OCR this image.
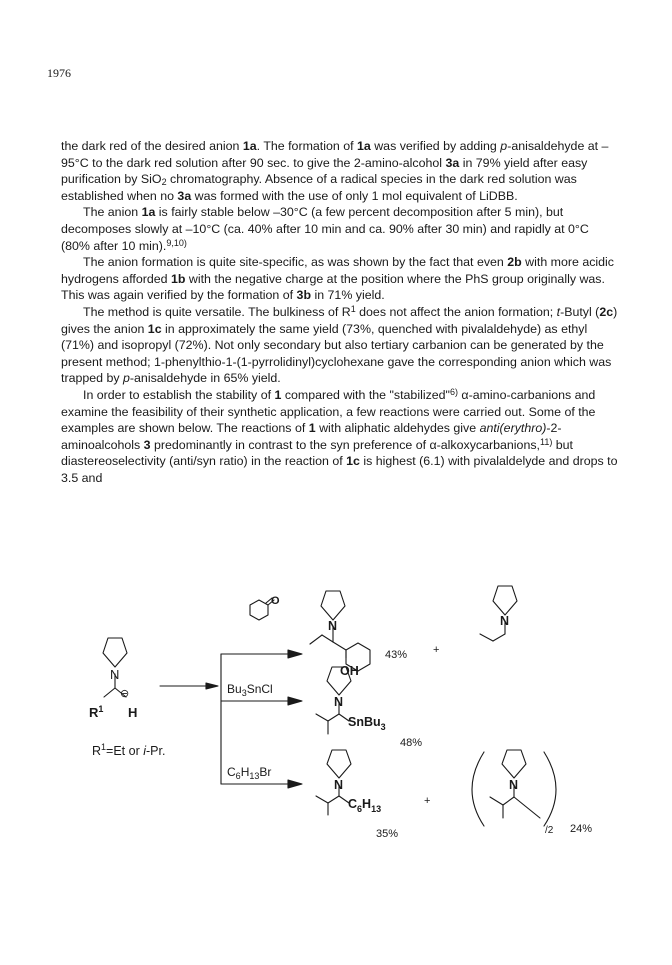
1976

the dark red of the desired anion 1a. The formation of 1a was verified by adding p-anisaldehyde at –95°C to the dark red solution after 90 sec. to give the 2-amino-alcohol 3a in 79% yield after easy purification by SiO$_2$ chromatography. Absence of a radical species in the dark red solution was established when no 3a was formed with the use of only 1 mol equivalent of LiDBB.

The anion 1a is fairly stable below –30°C (a few percent decomposition after 5 min), but decomposes slowly at –10°C (ca. 40% after 10 min and ca. 90% after 30 min) and rapidly at 0°C (80% after 10 min).$^{9,10)}$

The anion formation is quite site-specific, as was shown by the fact that even 2b with more acidic hydrogens afforded 1b with the negative charge at the position where the PhS group originally was. This was again verified by the formation of 3b in 71% yield.

The method is quite versatile. The bulkiness of $R^1$ does not affect the anion formation; t-Butyl (2c) gives the anion 1c in approximately the same yield (73%, quenched with pivalaldehyde) as ethyl (71%) and isopropyl (72%). Not only secondary but also tertiary carbanion can be generated by the present method; 1-phenylthio-1-(1-pyrrolidinyl)cyclohexane gave the corresponding anion which was trapped by p-anisaldehyde in 65% yield.

In order to establish the stability of 1 compared with the "stabilized"$^{6)}$ α-amino-carbanions and examine the feasibility of their synthetic application, a few reactions were carried out. Some of the examples are shown below. The reactions of 1 with aliphatic aldehydes give anti(erythro)-2-aminoalcohols 3 predominantly in contrast to the syn preference of α-alkoxycarbanions,$^{11)}$ but diastereoselectivity (anti/syn ratio) in the reaction of 1c is highest (6.1) with pivalaldelyde and drops to 3.5 and

N
⊖
$R^1$ H
$R^1=Et$ or i-Pr.
O
N
OH
43% +
N
$Bu_3SnCl$
N
SnBu$_3$
48%
$C_6H_{13}Br$
N
$C_6H_{13}$
35%
+
N
/2 24%
